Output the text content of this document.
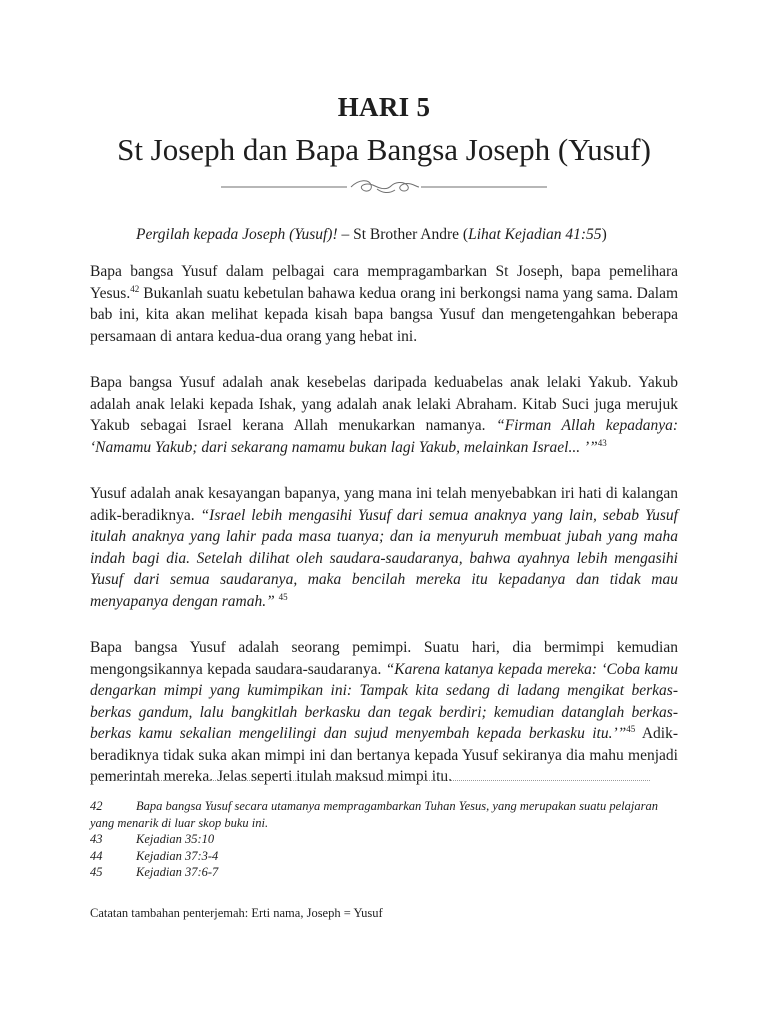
HARI 5
St Joseph dan Bapa Bangsa Joseph (Yusuf)
Pergilah kepada Joseph (Yusuf)! – St Brother Andre (Lihat Kejadian 41:55)

Bapa bangsa Yusuf dalam pelbagai cara mempragambarkan St Joseph, bapa pemelihara Yesus.$^{42}$ Bukanlah suatu kebetulan bahawa kedua orang ini berkongsi nama yang sama. Dalam bab ini, kita akan melihat kepada kisah bapa bangsa Yusuf dan mengetengahkan beberapa persamaan di antara kedua-dua orang yang hebat ini.

Bapa bangsa Yusuf adalah anak kesebelas daripada keduabelas anak lelaki Yakub. Yakub adalah anak lelaki kepada Ishak, yang adalah anak lelaki Abraham. Kitab Suci juga merujuk Yakub sebagai Israel kerana Allah menukarkan namanya. “Firman Allah kepadanya: ‘Namamu Yakub; dari sekarang namamu bukan lagi Yakub, melainkan Israel... ’”$^{43}$

Yusuf adalah anak kesayangan bapanya, yang mana ini telah menyebabkan iri hati di kalangan adik-beradiknya. “Israel lebih mengasihi Yusuf dari semua anaknya yang lain, sebab Yusuf itulah anaknya yang lahir pada masa tuanya; dan ia menyuruh membuat jubah yang maha indah bagi dia. Setelah dilihat oleh saudara-saudaranya, bahwa ayahnya lebih mengasihi Yusuf dari semua saudaranya, maka bencilah mereka itu kepadanya dan tidak mau menyapanya dengan ramah.” $^{45}$

Bapa bangsa Yusuf adalah seorang pemimpi. Suatu hari, dia bermimpi kemudian mengongsikannya kepada saudara-saudaranya. “Karena katanya kepada mereka: ‘Coba kamu dengarkan mimpi yang kumimpikan ini: Tampak kita sedang di ladang mengikat berkas-berkas gandum, lalu bangkitlah berkasku dan tegak berdiri; kemudian datanglah berkas-berkas kamu sekalian mengelilingi dan sujud menyembah kepada berkasku itu.’”$^{45}$ Adik-beradiknya tidak suka akan mimpi ini dan bertanya kepada Yusuf sekiranya dia mahu menjadi pemerintah mereka. Jelas seperti itulah maksud mimpi itu.

42	Bapa bangsa Yusuf secara utamanya mempragambarkan Tuhan Yesus, yang merupakan suatu pelajaran
yang menarik di luar skop buku ini.
43	Kejadian 35:10
44	Kejadian 37:3-4
45	Kejadian 37:6-7
Catatan tambahan penterjemah: Erti nama, Joseph = Yusuf
